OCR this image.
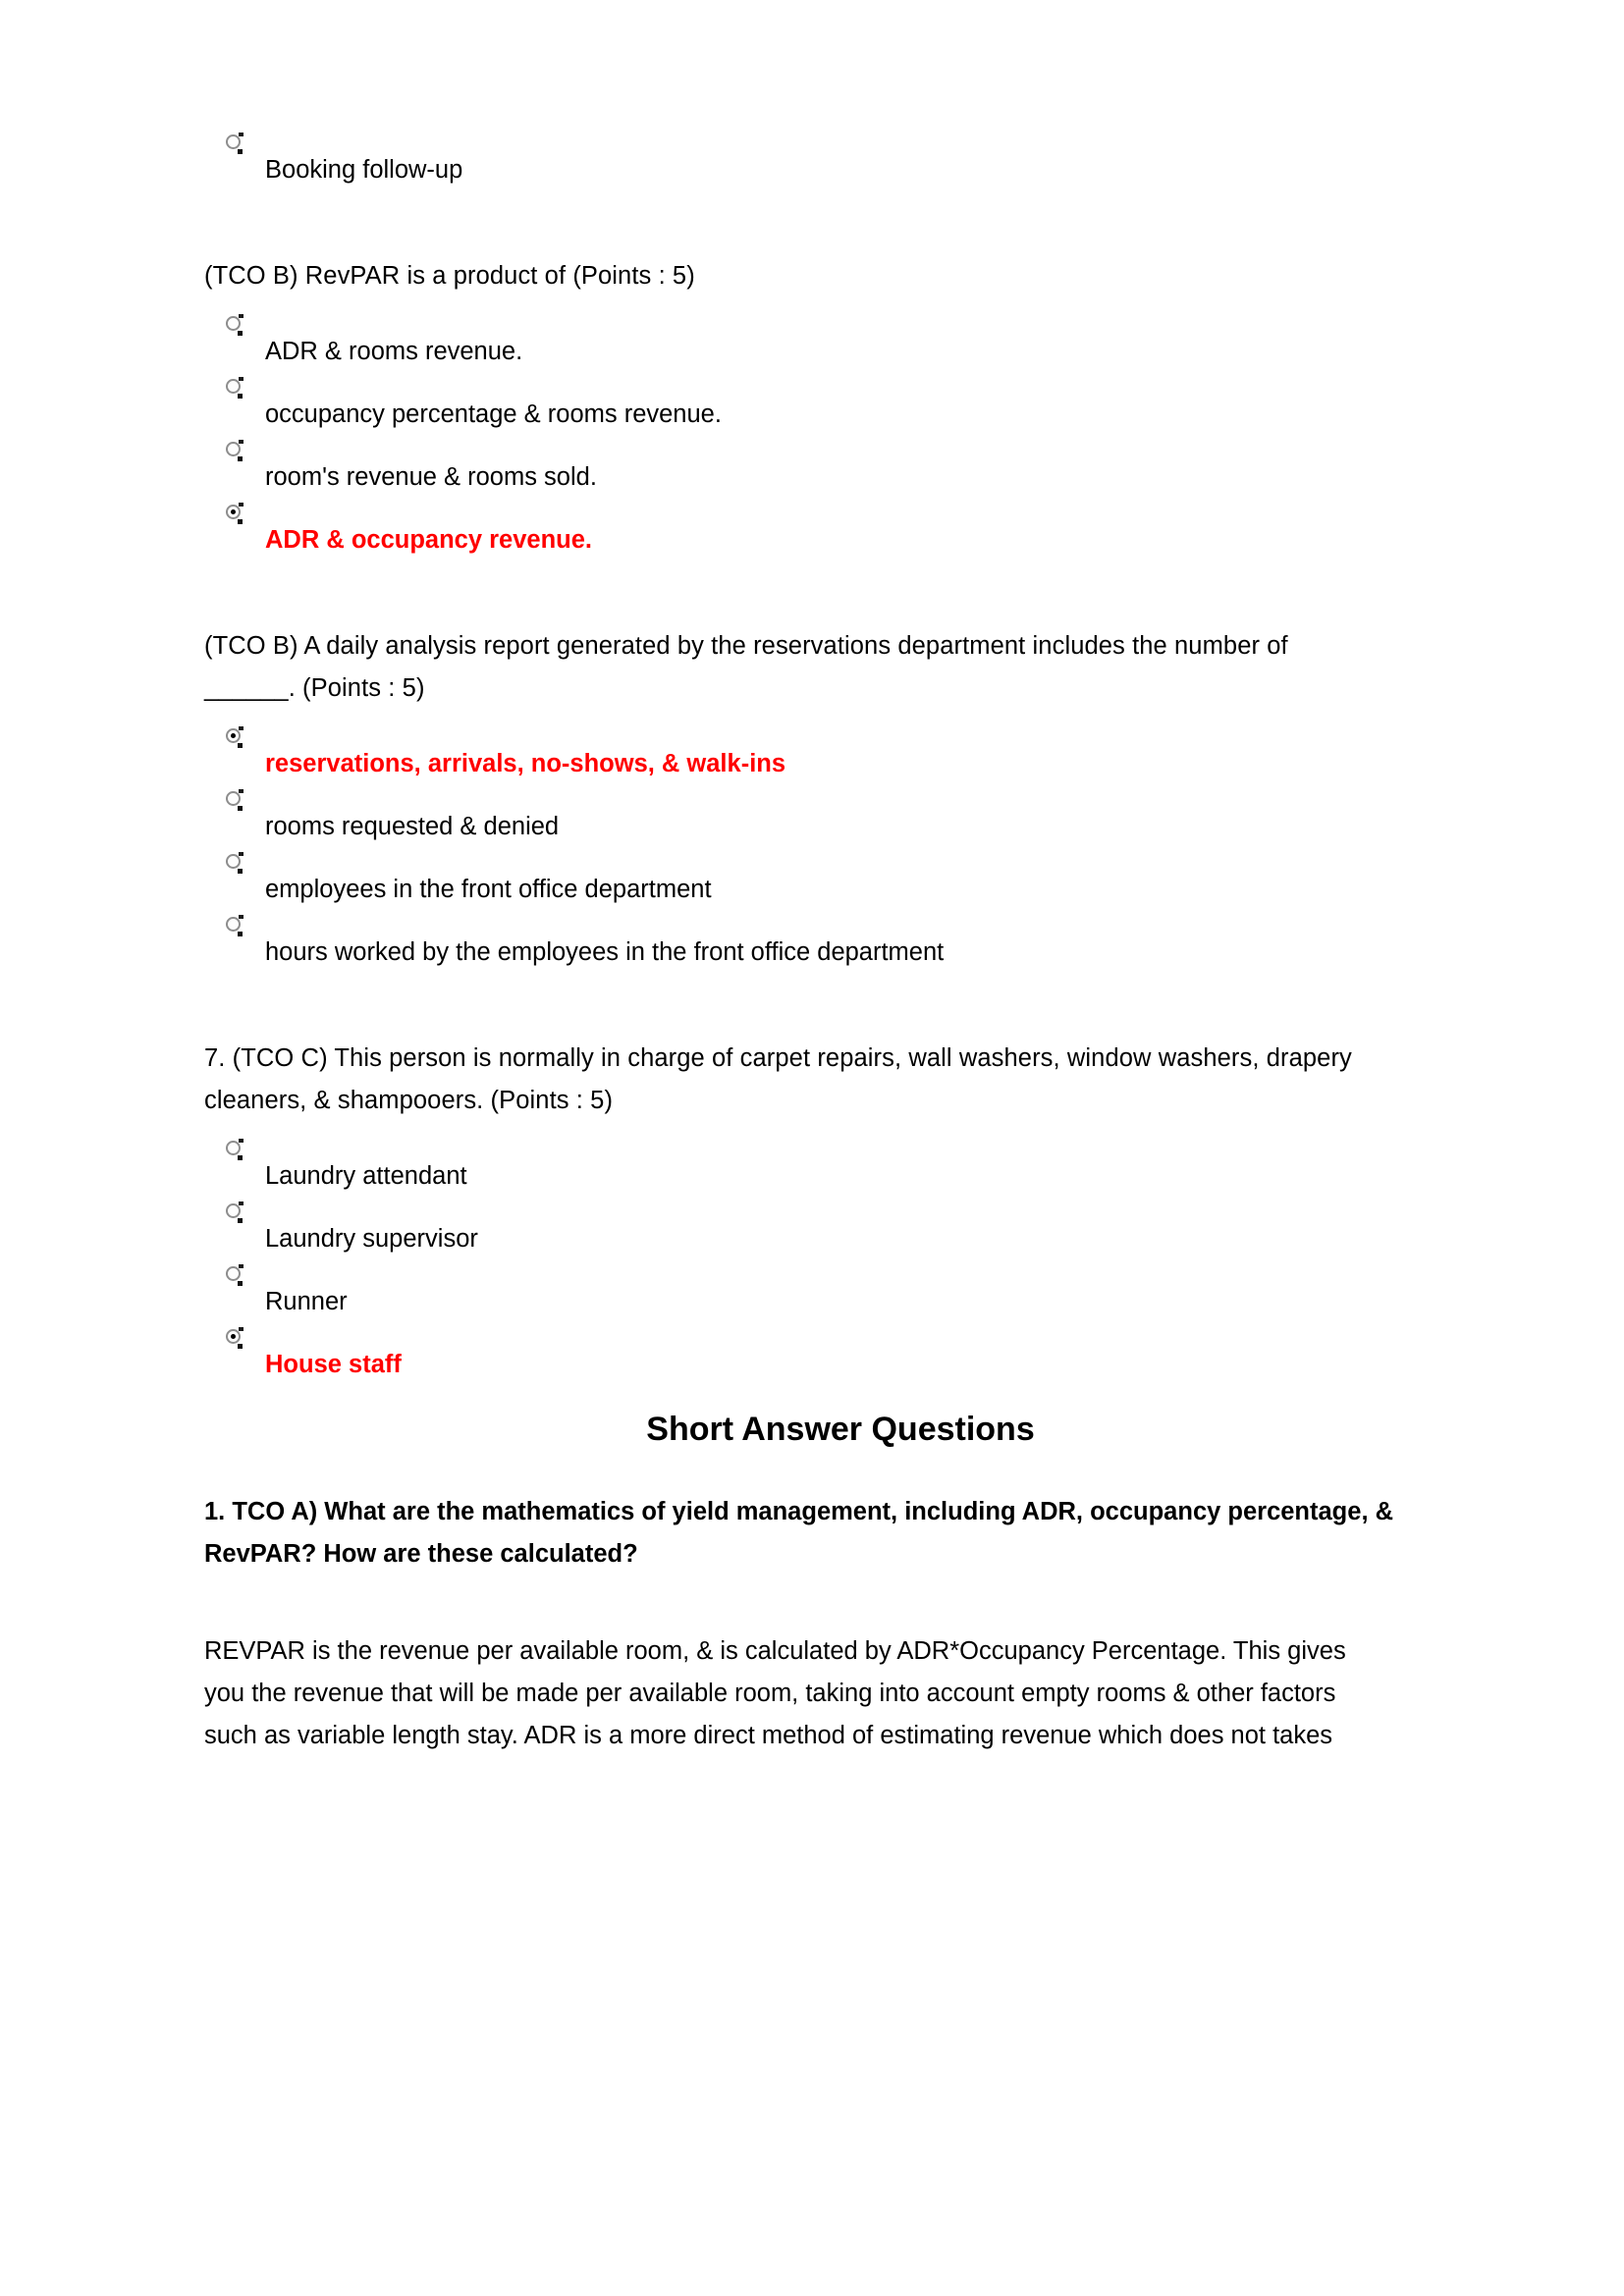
Booking follow-up

(TCO B) RevPAR is a product of (Points : 5)

ADR & rooms revenue.
occupancy percentage & rooms revenue.
room's revenue & rooms sold.
ADR & occupancy revenue.

(TCO B) A daily analysis report generated by the reservations department includes the number of

______. (Points : 5)

reservations, arrivals, no-shows, & walk-ins
rooms requested & denied
employees in the front office department
hours worked by the employees in the front office department

7. (TCO C) This person is normally in charge of carpet repairs, wall washers, window washers, drapery

cleaners, & shampooers. (Points : 5)

Laundry attendant
Laundry supervisor
Runner
House staff
Short Answer Questions

1. TCO A) What are the mathematics of yield management, including ADR, occupancy percentage, &

RevPAR? How are these calculated?

REVPAR is the revenue per available room, & is calculated by ADR*Occupancy Percentage. This gives
you the revenue that will be made per available room, taking into account empty rooms & other factors
such as variable length stay. ADR is a more direct method of estimating revenue which does not takes
